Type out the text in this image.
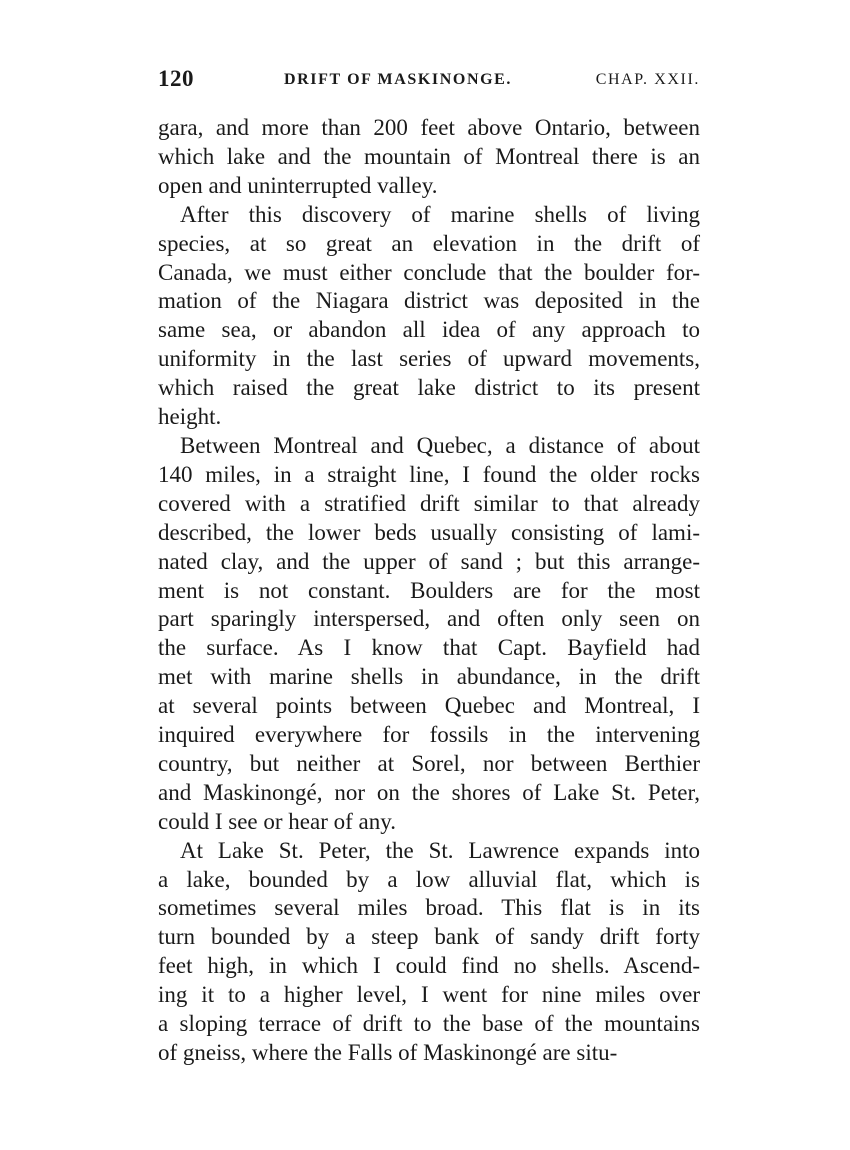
120	DRIFT OF MASKINONGE.	CHAP. XXII.

gara, and more than 200 feet above Ontario, between
which lake and the mountain of Montreal there is an
open and uninterrupted valley.

After this discovery of marine shells of living
species, at so great an elevation in the drift of
Canada, we must either conclude that the boulder for-
mation of the Niagara district was deposited in the
same sea, or abandon all idea of any approach to
uniformity in the last series of upward movements,
which raised the great lake district to its present
height.

Between Montreal and Quebec, a distance of about
140 miles, in a straight line, I found the older rocks
covered with a stratified drift similar to that already
described, the lower beds usually consisting of lami-
nated clay, and the upper of sand ; but this arrange-
ment is not constant. Boulders are for the most
part sparingly interspersed, and often only seen on
the surface. As I know that Capt. Bayfield had
met with marine shells in abundance, in the drift
at several points between Quebec and Montreal, I
inquired everywhere for fossils in the intervening
country, but neither at Sorel, nor between Berthier
and Maskinongé, nor on the shores of Lake St. Peter,
could I see or hear of any.

At Lake St. Peter, the St. Lawrence expands into
a lake, bounded by a low alluvial flat, which is
sometimes several miles broad. This flat is in its
turn bounded by a steep bank of sandy drift forty
feet high, in which I could find no shells. Ascend-
ing it to a higher level, I went for nine miles over
a sloping terrace of drift to the base of the mountains
of gneiss, where the Falls of Maskinongé are situ-
